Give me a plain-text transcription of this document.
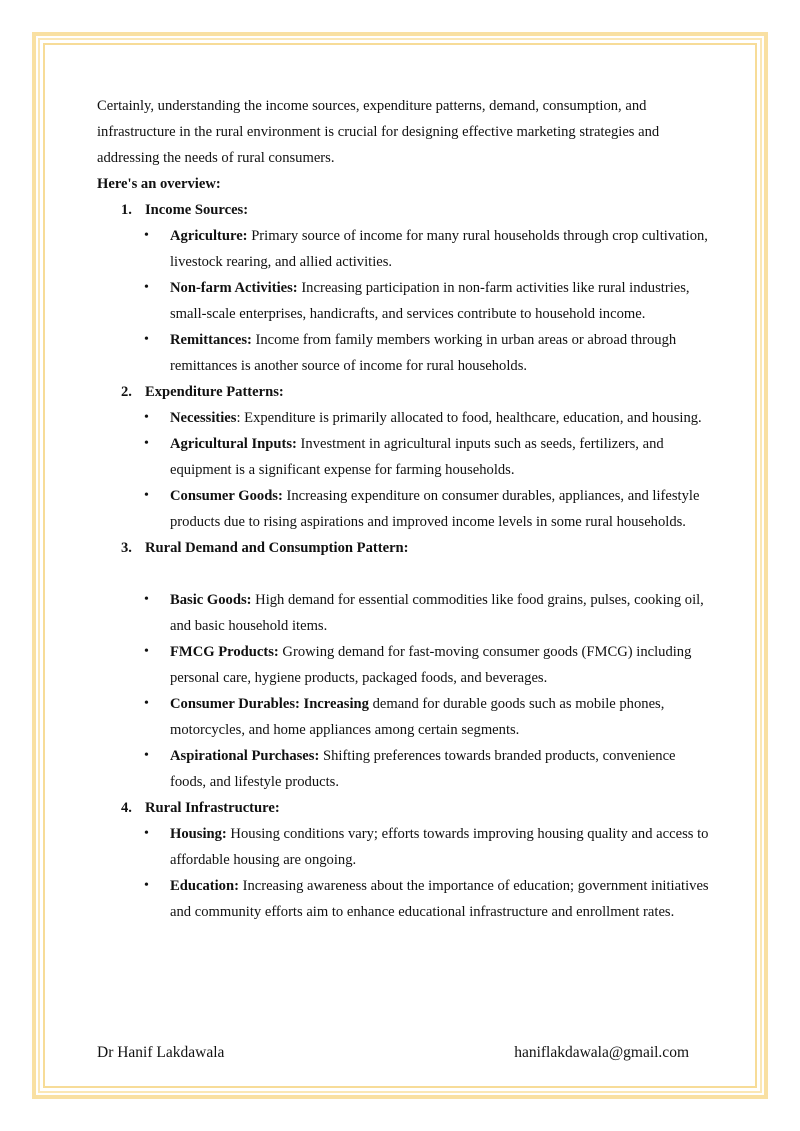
Certainly, understanding the income sources, expenditure patterns, demand, consumption, and infrastructure in the rural environment is crucial for designing effective marketing strategies and addressing the needs of rural consumers.

Here's an overview:

1. Income Sources:
• Agriculture: Primary source of income for many rural households through crop cultivation, livestock rearing, and allied activities.
• Non-farm Activities: Increasing participation in non-farm activities like rural industries, small-scale enterprises, handicrafts, and services contribute to household income.
• Remittances: Income from family members working in urban areas or abroad through remittances is another source of income for rural households.
2. Expenditure Patterns:
• Necessities: Expenditure is primarily allocated to food, healthcare, education, and housing.
• Agricultural Inputs: Investment in agricultural inputs such as seeds, fertilizers, and equipment is a significant expense for farming households.
• Consumer Goods: Increasing expenditure on consumer durables, appliances, and lifestyle products due to rising aspirations and improved income levels in some rural households.
3. Rural Demand and Consumption Pattern:
• Basic Goods: High demand for essential commodities like food grains, pulses, cooking oil, and basic household items.
• FMCG Products: Growing demand for fast-moving consumer goods (FMCG) including personal care, hygiene products, packaged foods, and beverages.
• Consumer Durables: Increasing demand for durable goods such as mobile phones, motorcycles, and home appliances among certain segments.
• Aspirational Purchases: Shifting preferences towards branded products, convenience foods, and lifestyle products.
4. Rural Infrastructure:
• Housing: Housing conditions vary; efforts towards improving housing quality and access to affordable housing are ongoing.
• Education: Increasing awareness about the importance of education; government initiatives and community efforts aim to enhance educational infrastructure and enrollment rates.
Dr Hanif Lakdawala	haniflakdawala@gmail.com
